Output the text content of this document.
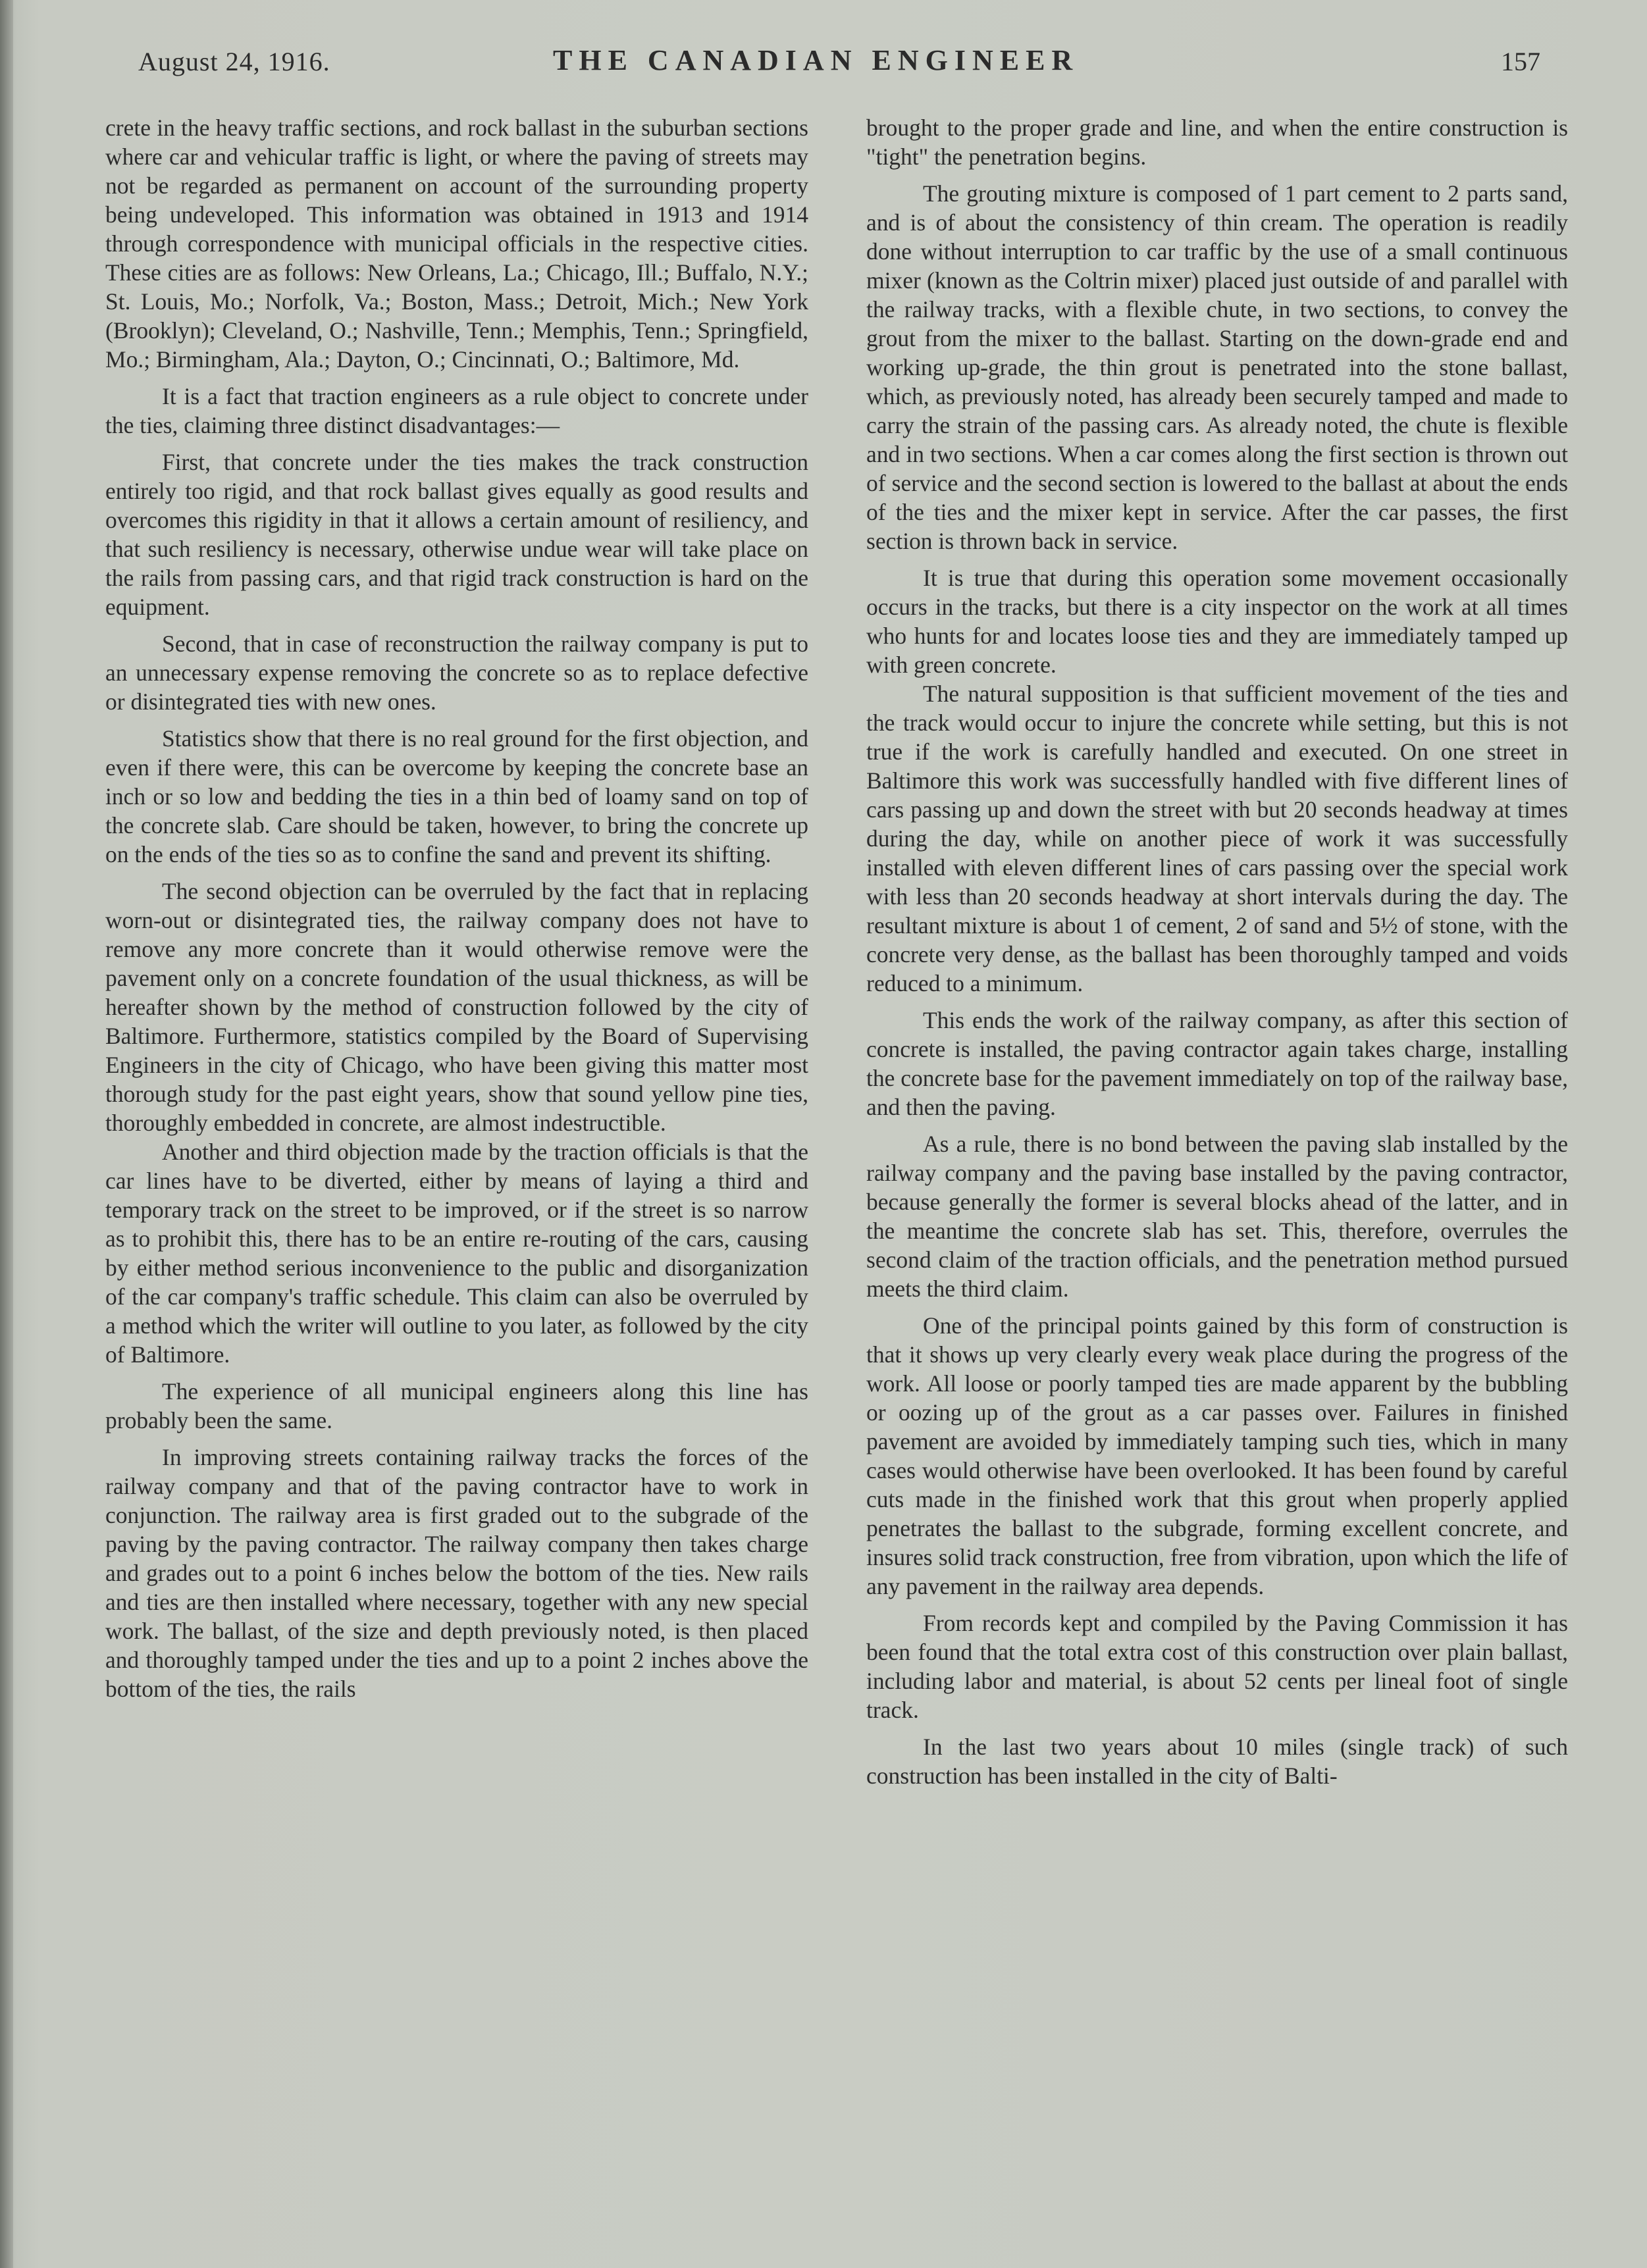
August 24, 1916.	THE CANADIAN ENGINEER	157

crete in the heavy traffic sections, and rock ballast in the suburban sections where car and vehicular traffic is light, or where the paving of streets may not be regarded as permanent on account of the surrounding property being undeveloped. This information was obtained in 1913 and 1914 through correspondence with municipal officials in the respective cities. These cities are as follows: New Orleans, La.; Chicago, Ill.; Buffalo, N.Y.; St. Louis, Mo.; Norfolk, Va.; Boston, Mass.; Detroit, Mich.; New York (Brooklyn); Cleveland, O.; Nashville, Tenn.; Memphis, Tenn.; Springfield, Mo.; Birmingham, Ala.; Dayton, O.; Cincinnati, O.; Baltimore, Md.

It is a fact that traction engineers as a rule object to concrete under the ties, claiming three distinct disadvantages:—

First, that concrete under the ties makes the track construction entirely too rigid, and that rock ballast gives equally as good results and overcomes this rigidity in that it allows a certain amount of resiliency, and that such resiliency is necessary, otherwise undue wear will take place on the rails from passing cars, and that rigid track construction is hard on the equipment.

Second, that in case of reconstruction the railway company is put to an unnecessary expense removing the concrete so as to replace defective or disintegrated ties with new ones.

Statistics show that there is no real ground for the first objection, and even if there were, this can be overcome by keeping the concrete base an inch or so low and bedding the ties in a thin bed of loamy sand on top of the concrete slab. Care should be taken, however, to bring the concrete up on the ends of the ties so as to confine the sand and prevent its shifting.

The second objection can be overruled by the fact that in replacing worn-out or disintegrated ties, the railway company does not have to remove any more concrete than it would otherwise remove were the pavement only on a concrete foundation of the usual thickness, as will be hereafter shown by the method of construction followed by the city of Baltimore. Furthermore, statistics compiled by the Board of Supervising Engineers in the city of Chicago, who have been giving this matter most thorough study for the past eight years, show that sound yellow pine ties, thoroughly embedded in concrete, are almost indestructible.

Another and third objection made by the traction officials is that the car lines have to be diverted, either by means of laying a third and temporary track on the street to be improved, or if the street is so narrow as to prohibit this, there has to be an entire re-routing of the cars, causing by either method serious inconvenience to the public and disorganization of the car company's traffic schedule. This claim can also be overruled by a method which the writer will outline to you later, as followed by the city of Baltimore.

The experience of all municipal engineers along this line has probably been the same.

In improving streets containing railway tracks the forces of the railway company and that of the paving contractor have to work in conjunction. The railway area is first graded out to the subgrade of the paving by the paving contractor. The railway company then takes charge and grades out to a point 6 inches below the bottom of the ties. New rails and ties are then installed where necessary, together with any new special work. The ballast, of the size and depth previously noted, is then placed and thoroughly tamped under the ties and up to a point 2 inches above the bottom of the ties, the rails

brought to the proper grade and line, and when the entire construction is "tight" the penetration begins.

The grouting mixture is composed of 1 part cement to 2 parts sand, and is of about the consistency of thin cream. The operation is readily done without interruption to car traffic by the use of a small continuous mixer (known as the Coltrin mixer) placed just outside of and parallel with the railway tracks, with a flexible chute, in two sections, to convey the grout from the mixer to the ballast. Starting on the down-grade end and working up-grade, the thin grout is penetrated into the stone ballast, which, as previously noted, has already been securely tamped and made to carry the strain of the passing cars. As already noted, the chute is flexible and in two sections. When a car comes along the first section is thrown out of service and the second section is lowered to the ballast at about the ends of the ties and the mixer kept in service. After the car passes, the first section is thrown back in service.

It is true that during this operation some movement occasionally occurs in the tracks, but there is a city inspector on the work at all times who hunts for and locates loose ties and they are immediately tamped up with green concrete.

The natural supposition is that sufficient movement of the ties and the track would occur to injure the concrete while setting, but this is not true if the work is carefully handled and executed. On one street in Baltimore this work was successfully handled with five different lines of cars passing up and down the street with but 20 seconds headway at times during the day, while on another piece of work it was successfully installed with eleven different lines of cars passing over the special work with less than 20 seconds headway at short intervals during the day. The resultant mixture is about 1 of cement, 2 of sand and 5½ of stone, with the concrete very dense, as the ballast has been thoroughly tamped and voids reduced to a minimum.

This ends the work of the railway company, as after this section of concrete is installed, the paving contractor again takes charge, installing the concrete base for the pavement immediately on top of the railway base, and then the paving.

As a rule, there is no bond between the paving slab installed by the railway company and the paving base installed by the paving contractor, because generally the former is several blocks ahead of the latter, and in the meantime the concrete slab has set. This, therefore, overrules the second claim of the traction officials, and the penetration method pursued meets the third claim.

One of the principal points gained by this form of construction is that it shows up very clearly every weak place during the progress of the work. All loose or poorly tamped ties are made apparent by the bubbling or oozing up of the grout as a car passes over. Failures in finished pavement are avoided by immediately tamping such ties, which in many cases would otherwise have been overlooked. It has been found by careful cuts made in the finished work that this grout when properly applied penetrates the ballast to the subgrade, forming excellent concrete, and insures solid track construction, free from vibration, upon which the life of any pavement in the railway area depends.

From records kept and compiled by the Paving Commission it has been found that the total extra cost of this construction over plain ballast, including labor and material, is about 52 cents per lineal foot of single track.

In the last two years about 10 miles (single track) of such construction has been installed in the city of Balti-
